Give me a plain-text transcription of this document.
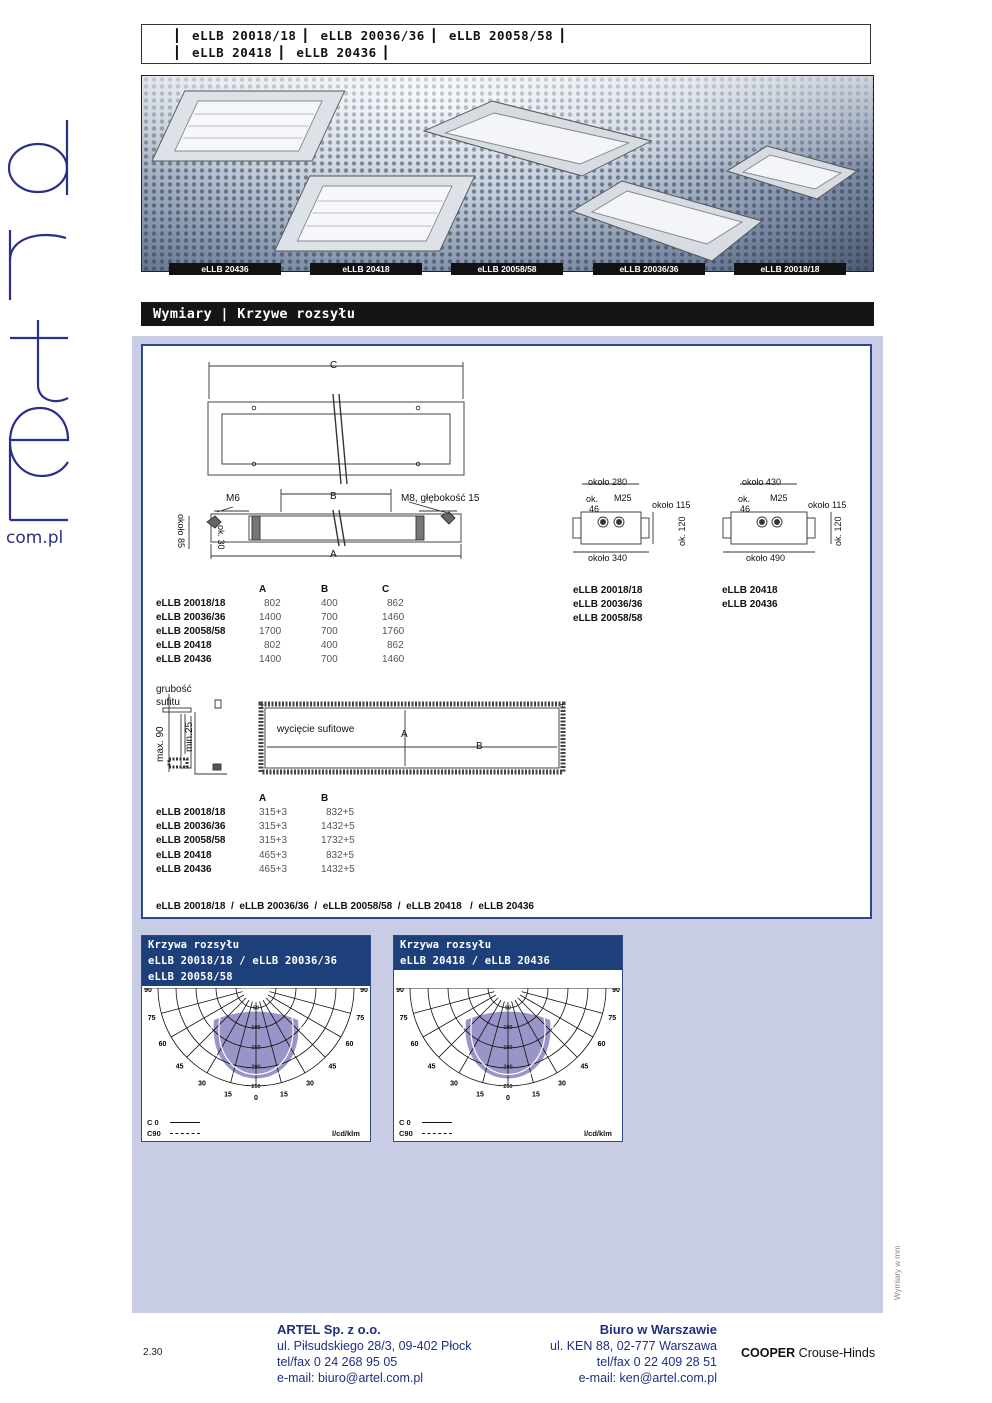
com.pl
▎ eLLB 20018/18 ▎ eLLB 20036/36 ▎ eLLB 20058/58 ▎
▎ eLLB 20418 ▎ eLLB 20436 ▎
eLLB 20436	eLLB 20418	eLLB 20058/58	eLLB 20036/36	eLLB 20018/18
Wymiary | Krzywe rozsyłu
C
B
A
M6	M8, głębokość 15
około 85	ok. 30
około 280
ok.
46
M25
około 115
ok. 120
około 340
około 430
ok.
46
M25
około 115
ok. 120
około 490
eLLB 20018/18
eLLB 20036/36
eLLB 20058/58
eLLB 20418
eLLB 20436
A	B	C
eLLB 20018/18	802	400	862
eLLB 20036/36	1400	700	1460
eLLB 20058/58	1700	700	1760
eLLB 20418	802	400	862
eLLB 20436	1400	700	1460
grubość
sufitu
max. 90 min.25	wycięcie sufitowe	A
B
A	B
eLLB 20018/18	315+3	832+5
eLLB 20036/36	315+3	1432+5
eLLB 20058/58	315+3	1732+5
eLLB 20418	465+3	832+5
eLLB 20436	465+3	1432+5
eLLB 20018/18  /  eLLB 20036/36  /  eLLB 20058/58  /  eLLB 20418   /  eLLB 20436
Krzywa rozsyłu
eLLB 20018/18 / eLLB 20036/36
eLLB 20058/58
90	90
75	75
60	60
45	45
30	30
15	15
0
50
100
150
200
250
C 0
C90	l/cd/klm
Krzywa rozsyłu
eLLB 20418 / eLLB 20436
90	90
75	75
60	60
45	45
30	30
15	15
0
50
100
150
200
250
C 0
C90	l/cd/klm
Wymiary w mm
2.30
ARTEL Sp. z o.o.
ul. Piłsudskiego 28/3, 09-402 Płock
tel/fax 0 24 268 95 05
e-mail: biuro@artel.com.pl
Biuro w Warszawie
ul. KEN 88, 02-777 Warszawa
tel/fax 0 22 409 28 51
e-mail: ken@artel.com.pl
COOPER Crouse-Hinds
